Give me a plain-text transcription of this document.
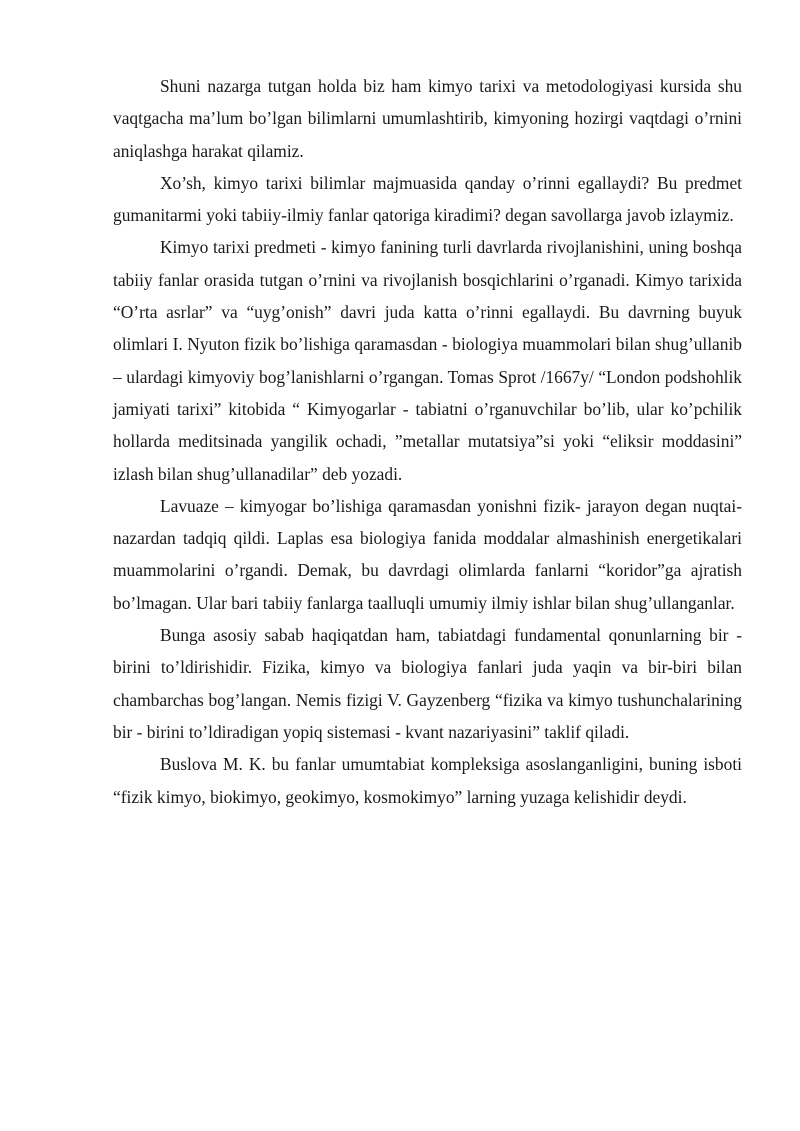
Shuni nazarga tutgan holda biz ham kimyo tarixi va metodologiyasi kursida shu vaqtgacha ma’lum bo’lgan bilimlarni umumlashtirib, kimyoning hozirgi vaqtdagi o’rnini aniqlashga harakat qilamiz.

Xo’sh, kimyo tarixi bilimlar majmuasida qanday o’rinni egallaydi? Bu predmet gumanitarmi yoki tabiiy-ilmiy fanlar qatoriga kiradimi? degan savollarga javob izlaymiz.

Kimyo tarixi predmeti - kimyo fanining turli davrlarda rivojlanishini, uning boshqa tabiiy fanlar orasida tutgan o’rnini va rivojlanish bosqichlarini o’rganadi. Kimyo tarixida “O’rta asrlar” va “uyg’onish” davri juda katta o’rinni egallaydi. Bu davrning buyuk olimlari I. Nyuton fizik bo’lishiga qaramasdan - biologiya muammolari bilan shug’ullanib – ulardagi kimyoviy bog’lanishlarni o’rgangan. Tomas Sprot /1667y/ “London podshohlik jamiyati tarixi” kitobida “ Kimyogarlar - tabiatni o’rganuvchilar bo’lib, ular ko’pchilik hollarda meditsinada yangilik ochadi, ”metallar mutatsiya”si yoki “eliksir moddasini” izlash bilan shug’ullanadilar” deb yozadi.

Lavuaze – kimyogar bo’lishiga qaramasdan yonishni fizik- jarayon degan nuqtai-nazardan tadqiq qildi. Laplas esa biologiya fanida moddalar almashinish energetikalari muammolarini o’rgandi. Demak, bu davrdagi olimlarda fanlarni “koridor”ga ajratish bo’lmagan. Ular bari tabiiy fanlarga taalluqli umumiy ilmiy ishlar bilan shug’ullanganlar.

Bunga asosiy sabab haqiqatdan ham, tabiatdagi fundamental qonunlarning bir - birini to’ldirishidir. Fizika, kimyo va biologiya fanlari juda yaqin va bir-biri bilan chambarchas bog’langan. Nemis fizigi V. Gayzenberg “fizika va kimyo tushunchalarining bir - birini to’ldiradigan yopiq sistemasi - kvant nazariyasini” taklif qiladi.

Buslova M. K. bu fanlar umumtabiat kompleksiga asoslanganligini, buning isboti “fizik kimyo, biokimyo, geokimyo, kosmokimyo” larning yuzaga kelishidir deydi.
